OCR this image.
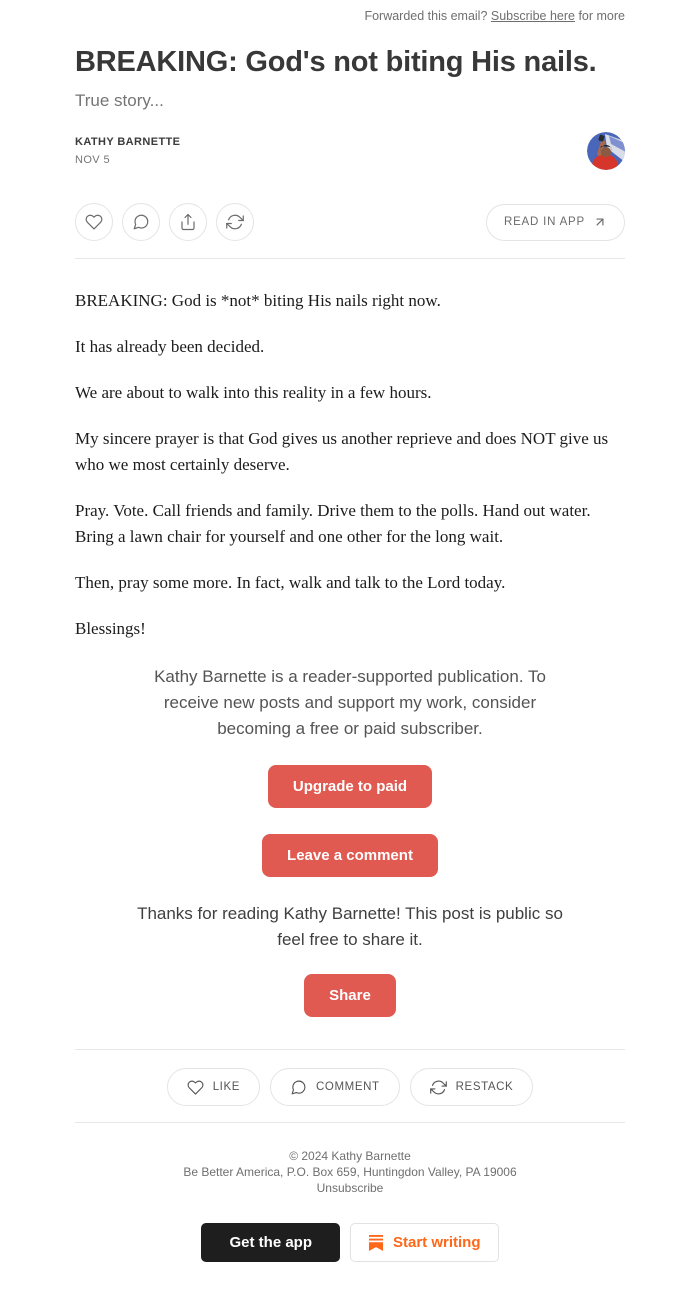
Forwarded this email? Subscribe here for more
BREAKING: God's not biting His nails.
True story...
KATHY BARNETTE
NOV 5
READ IN APP

BREAKING: God is *not* biting His nails right now.

It has already been decided.

We are about to walk into this reality in a few hours.

My sincere prayer is that God gives us another reprieve and does NOT give us who we most certainly deserve.

Pray. Vote. Call friends and family. Drive them to the polls. Hand out water. Bring a lawn chair for yourself and one other for the long wait.

Then, pray some more. In fact, walk and talk to the Lord today.

Blessings!

Kathy Barnette is a reader-supported publication. To receive new posts and support my work, consider becoming a free or paid subscriber.
Upgrade to paid
Leave a comment
Thanks for reading Kathy Barnette! This post is public so feel free to share it.
Share
LIKE	COMMENT	RESTACK
© 2024 Kathy Barnette
Be Better America, P.O. Box 659, Huntingdon Valley, PA 19006
Unsubscribe
Get the app	Start writing
